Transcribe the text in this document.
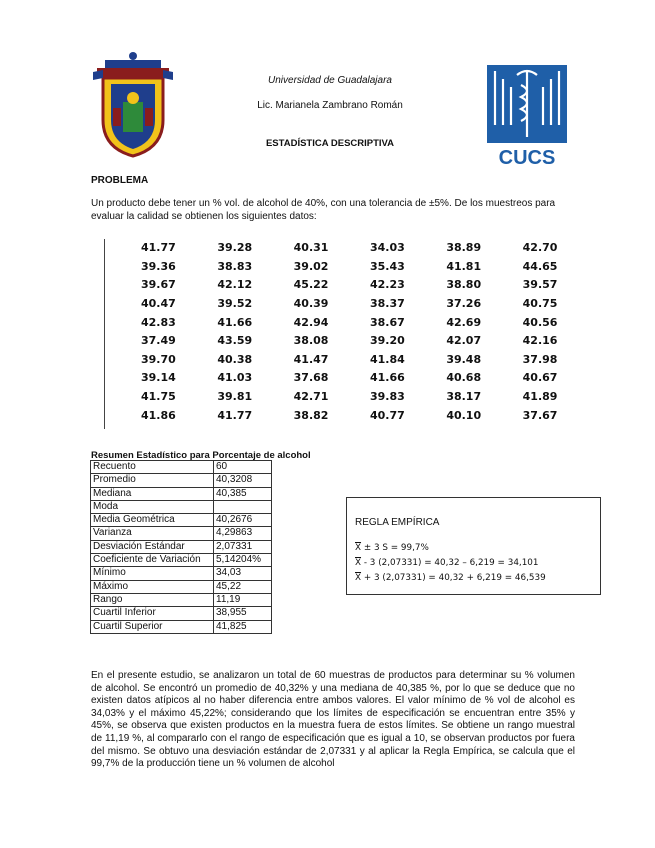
Universidad de Guadalajara
Lic. Marianela Zambrano Román
ESTADÍSTICA DESCRIPTIVA
CUCS
PROBLEMA
Un producto debe tener un % vol. de alcohol de 40%, con una tolerancia de ±5%. De los muestreos para evaluar la calidad se obtienen los siguientes datos:
41.77	39.28	40.31	34.03	38.89	42.70
39.36	38.83	39.02	35.43	41.81	44.65
39.67	42.12	45.22	42.23	38.80	39.57
40.47	39.52	40.39	38.37	37.26	40.75
42.83	41.66	42.94	38.67	42.69	40.56
37.49	43.59	38.08	39.20	42.07	42.16
39.70	40.38	41.47	41.84	39.48	37.98
39.14	41.03	37.68	41.66	40.68	40.67
41.75	39.81	42.71	39.83	38.17	41.89
41.86	41.77	38.82	40.77	40.10	37.67
Resumen Estadístico para Porcentaje de alcohol
Recuento	60
Promedio	40,3208
Mediana	40,385
Moda	
Media Geométrica	40,2676
Varianza	4,29863
Desviación Estándar	2,07331
Coeficiente de Variación	5,14204%
Mínimo	34,03
Máximo	45,22
Rango	11,19
Cuartil Inferior	38,955
Cuartil Superior	41,825
REGLA EMPÍRICA
$\overline{X} \pm 3$ S = 99,7%
$\overline{X} - 3$ (2,07331) = 40,32 – 6,219 = 34,101
$\overline{X} + 3$ (2,07331) = 40,32 + 6,219 = 46,539
En el presente estudio, se analizaron un total de 60 muestras de productos para determinar su % volumen de alcohol. Se encontró un promedio de 40,32% y una mediana de 40,385 %, por lo que se deduce que no existen datos atípicos al no haber diferencia entre ambos valores. El valor mínimo de % vol de alcohol es 34,03% y el máximo 45,22%; considerando que los límites de especificación se encuentran entre 35% y 45%, se observa que existen productos en la muestra fuera de estos límites. Se obtiene un rango muestral de 11,19 %, al compararlo con el rango de especificación que es igual a 10, se observan productos por fuera del mismo. Se obtuvo una desviación estándar de 2,07331 y al aplicar la Regla Empírica, se calcula que el 99,7% de la producción tiene un % volumen de alcohol
